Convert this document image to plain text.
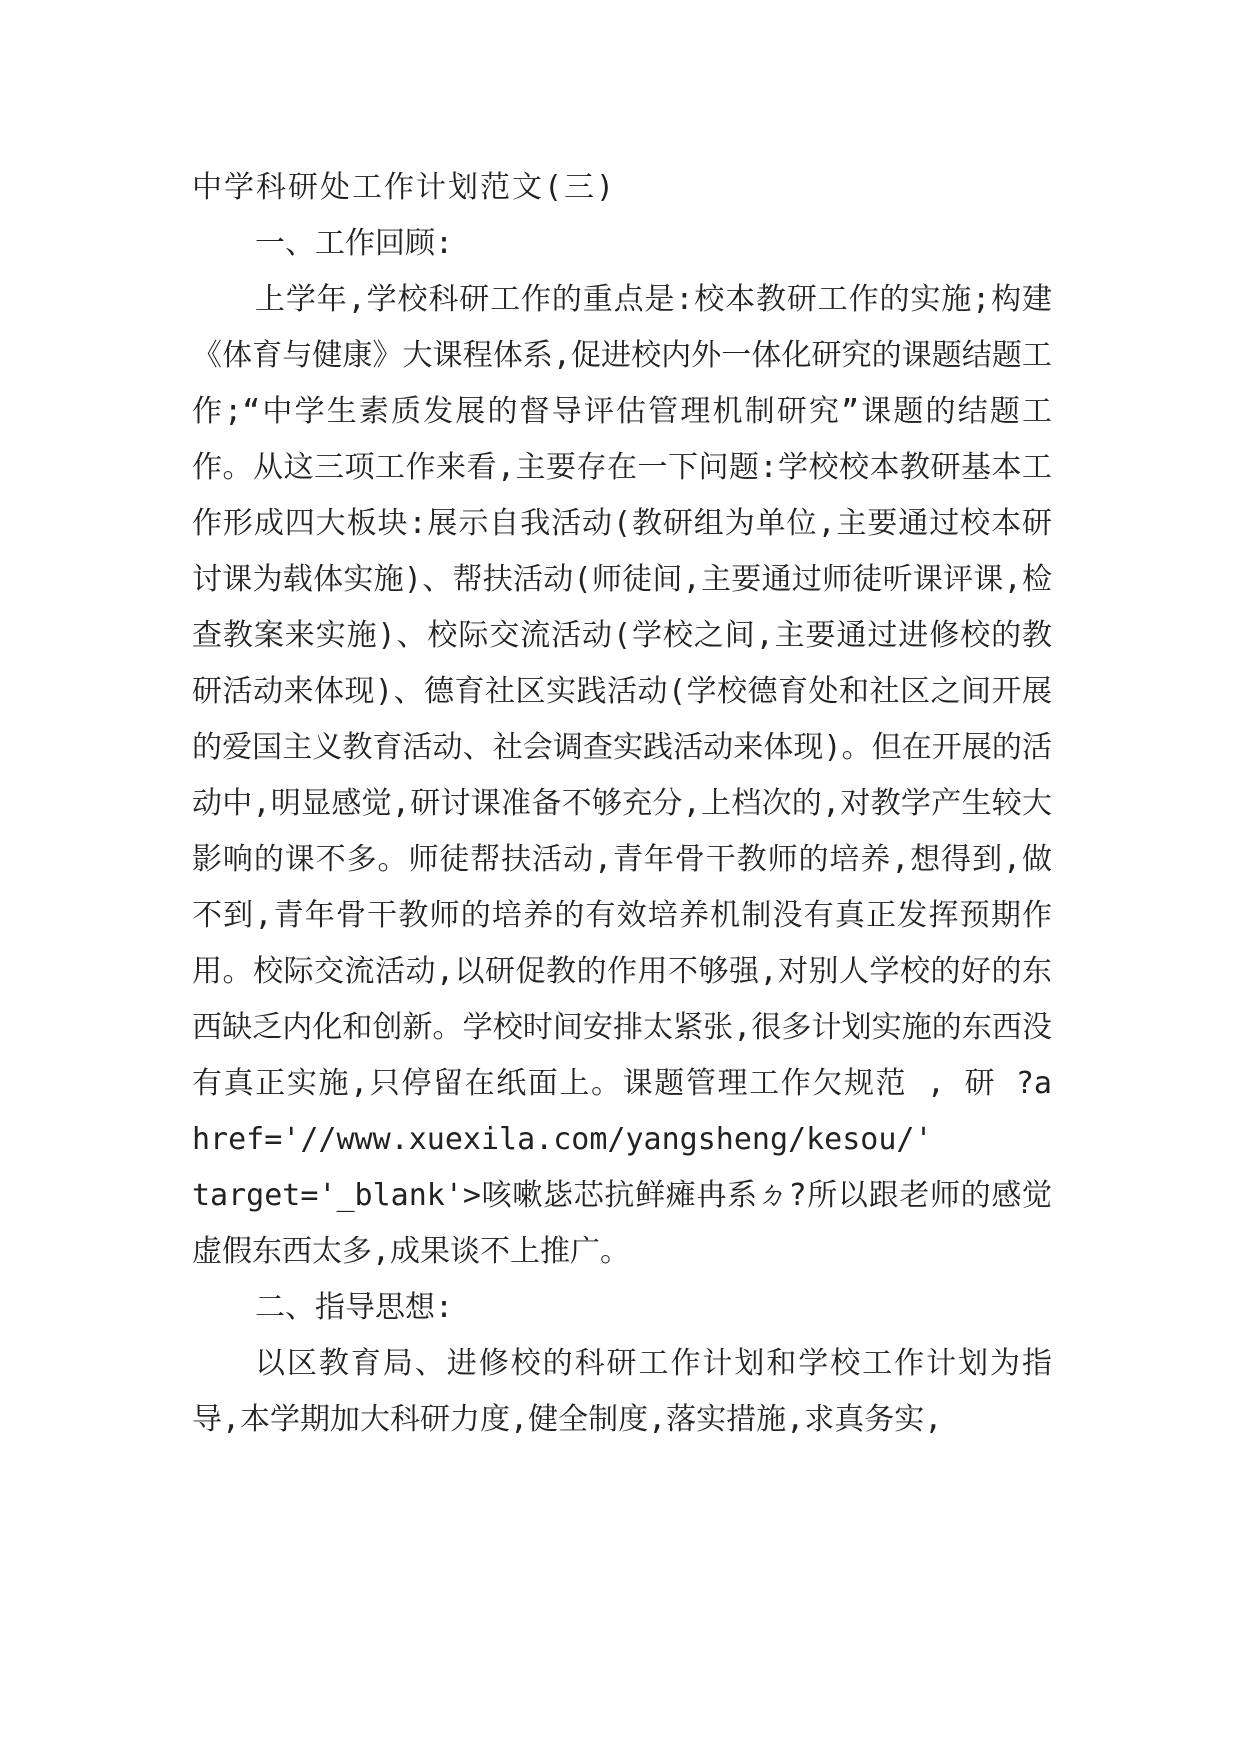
中学科研处工作计划范文(三)

一、工作回顾:

上学年,学校科研工作的重点是:校本教研工作的实施;构建《体育与健康》大课程体系,促进校内外一体化研究的课题结题工作;“中学生素质发展的督导评估管理机制研究”课题的结题工作。从这三项工作来看,主要存在一下问题:学校校本教研基本工作形成四大板块:展示自我活动(教研组为单位,主要通过校本研讨课为载体实施)、帮扶活动(师徒间,主要通过师徒听课评课,检查教案来实施)、校际交流活动(学校之间,主要通过进修校的教研活动来体现)、德育社区实践活动(学校德育处和社区之间开展的爱国主义教育活动、社会调查实践活动来体现)。但在开展的活动中,明显感觉,研讨课准备不够充分,上档次的,对教学产生较大影响的课不多。师徒帮扶活动,青年骨干教师的培养,想得到,做不到,青年骨干教师的培养的有效培养机制没有真正发挥预期作用。校际交流活动,以研促教的作用不够强,对别人学校的好的东西缺乏内化和创新。学校时间安排太紧张,很多计划实施的东西没有真正实施,只停留在纸面上。课题管理工作欠规范 , 研 ?a href='//www.xuexila.com/yangsheng/kesou/' target='_blank'>咳嗽毖芯抗鲜瘫冉系ㄉ?所以跟老师的感觉虚假东西太多,成果谈不上推广。

二、指导思想:

以区教育局、进修校的科研工作计划和学校工作计划为指导,本学期加大科研力度,健全制度,落实措施,求真务实,
